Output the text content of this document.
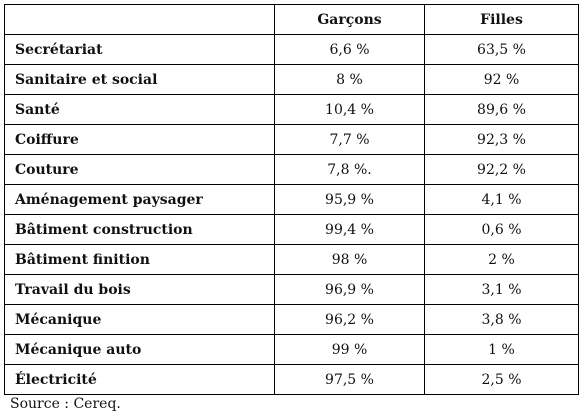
	Garçons	Filles
Secrétariat	6,6 %	63,5 %
Sanitaire et social	8 %	92 %
Santé	10,4 %	89,6 %
Coiffure	7,7 %	92,3 %
Couture	7,8 %.	92,2 %
Aménagement paysager	95,9 %	4,1 %
Bâtiment construction	99,4 %	0,6 %
Bâtiment finition	98 %	2 %
Travail du bois	96,9 %	3,1 %
Mécanique	96,2 %	3,8 %
Mécanique auto	99 %	1 %
Électricité	97,5 %	2,5 %
Source : Cereq.
